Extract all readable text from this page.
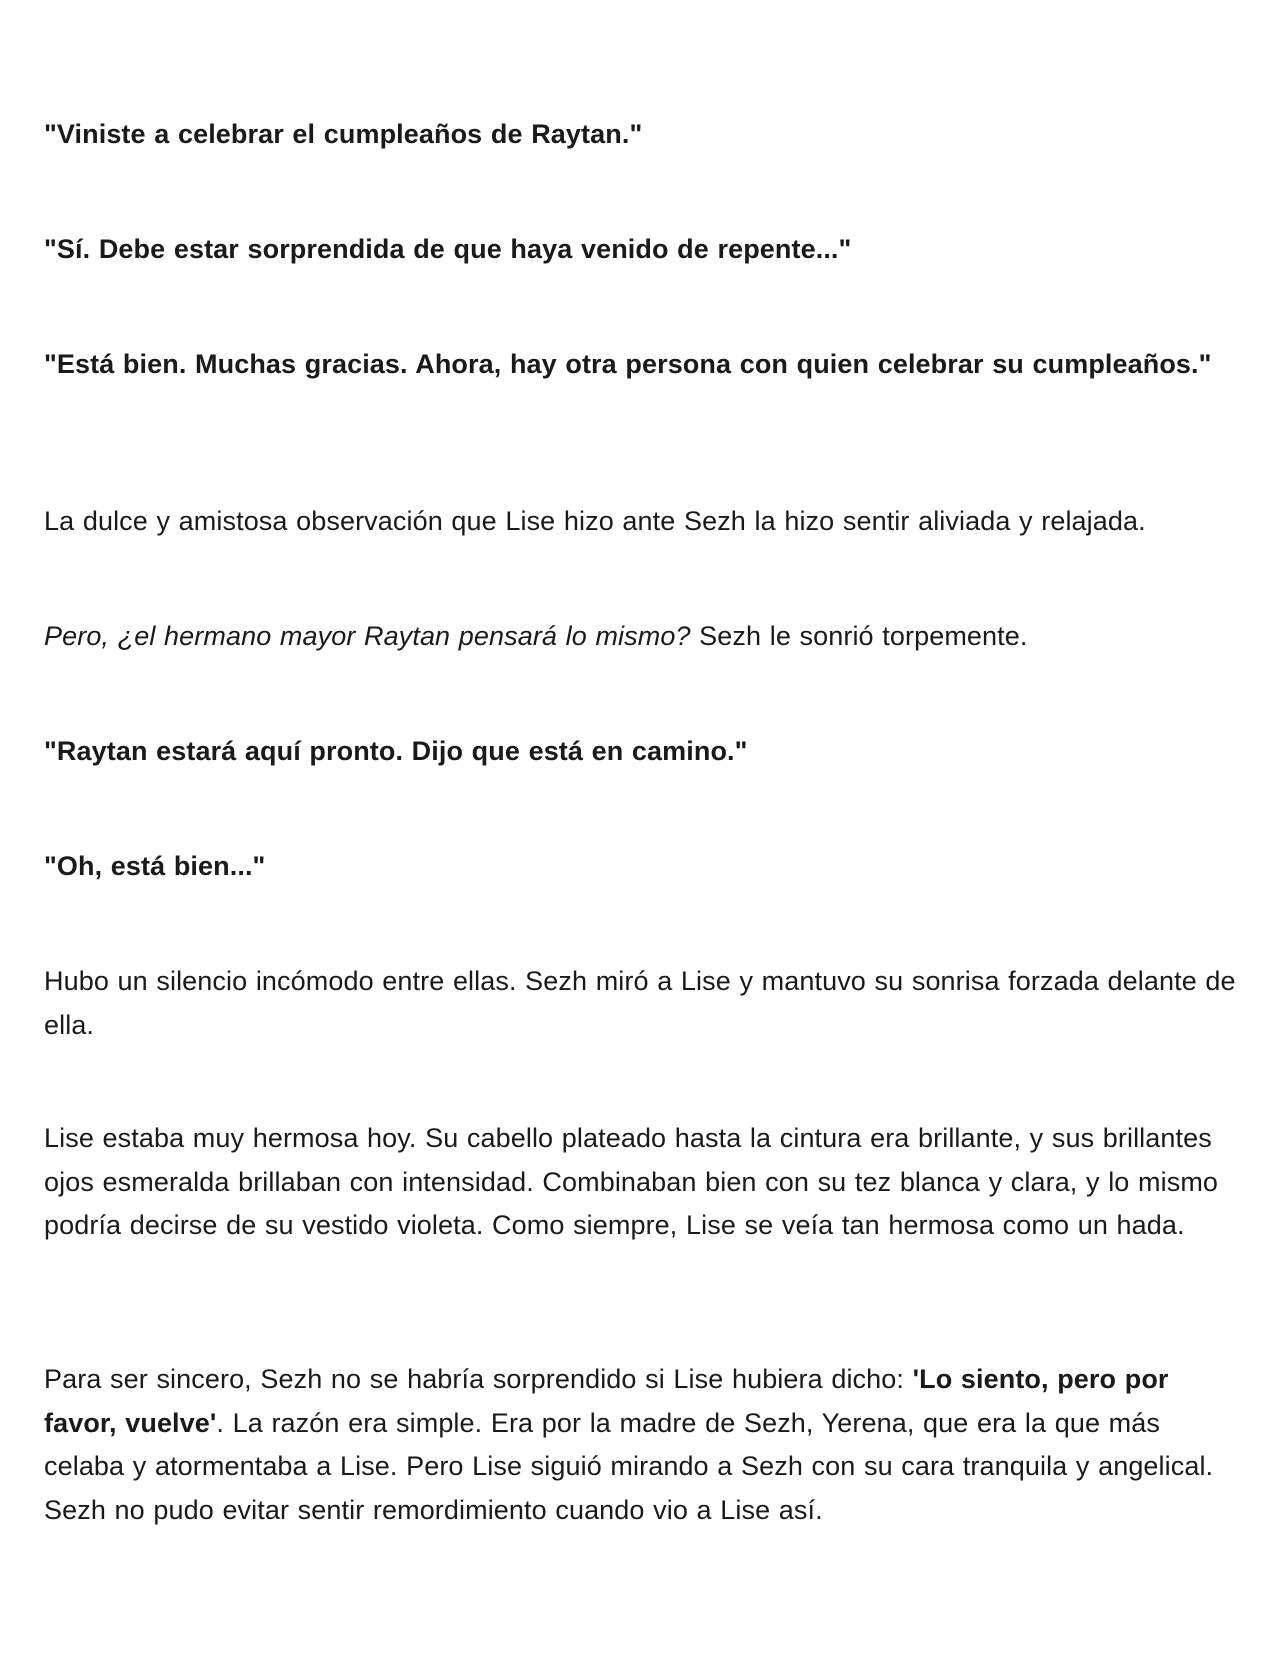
"Viniste a celebrar el cumpleaños de Raytan."

"Sí. Debe estar sorprendida de que haya venido de repente..."

"Está bien. Muchas gracias. Ahora, hay otra persona con quien celebrar su cumpleaños."

La dulce y amistosa observación que Lise hizo ante Sezh la hizo sentir aliviada y relajada.

Pero, ¿el hermano mayor Raytan pensará lo mismo? Sezh le sonrió torpemente.

"Raytan estará aquí pronto. Dijo que está en camino."

"Oh, está bien..."

Hubo un silencio incómodo entre ellas. Sezh miró a Lise y mantuvo su sonrisa forzada delante de ella.

Lise estaba muy hermosa hoy. Su cabello plateado hasta la cintura era brillante, y sus brillantes ojos esmeralda brillaban con intensidad. Combinaban bien con su tez blanca y clara, y lo mismo podría decirse de su vestido violeta. Como siempre, Lise se veía tan hermosa como un hada.

Para ser sincero, Sezh no se habría sorprendido si Lise hubiera dicho: 'Lo siento, pero por favor, vuelve'. La razón era simple. Era por la madre de Sezh, Yerena, que era la que más celaba y atormentaba a Lise. Pero Lise siguió mirando a Sezh con su cara tranquila y angelical. Sezh no pudo evitar sentir remordimiento cuando vio a Lise así.
